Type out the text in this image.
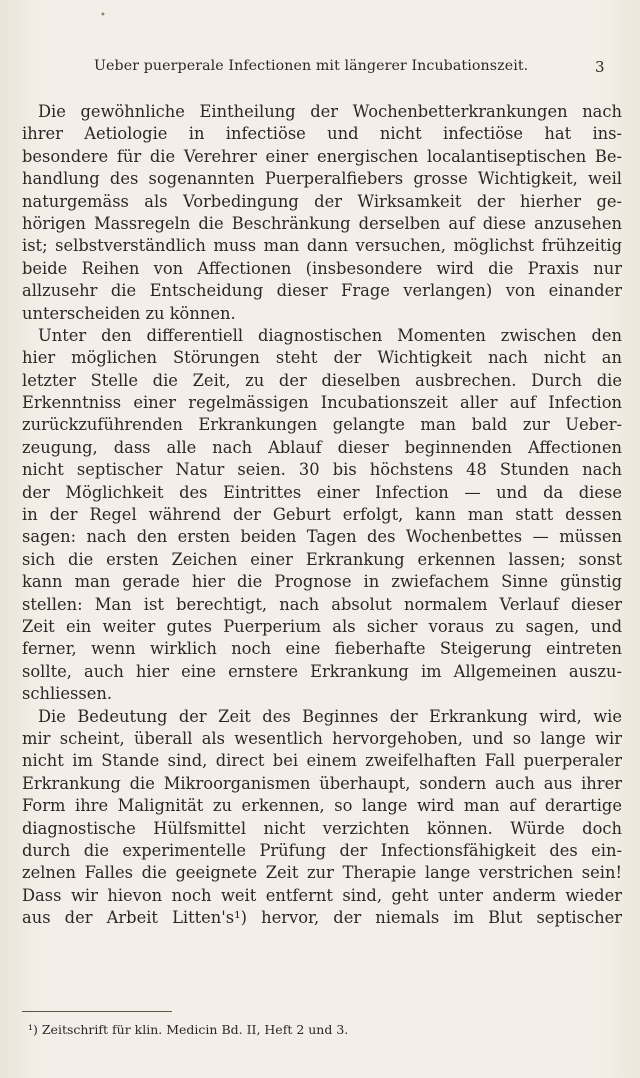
•
Ueber puerperale Infectionen mit längerer Incubationszeit.	3
Die gewöhnliche Eintheilung der Wochenbetterkrankungen nach
ihrer Aetiologie in infectiöse und nicht infectiöse hat ins-
besondere für die Verehrer einer energischen localantiseptischen Be-
handlung des sogenannten Puerperalfiebers grosse Wichtigkeit, weil
naturgemäss als Vorbedingung der Wirksamkeit der hierher ge-
hörigen Massregeln die Beschränkung derselben auf diese anzusehen
ist; selbstverständlich muss man dann versuchen, möglichst frühzeitig
beide Reihen von Affectionen (insbesondere wird die Praxis nur
allzusehr die Entscheidung dieser Frage verlangen) von einander
unterscheiden zu können.
Unter den differentiell diagnostischen Momenten zwischen den
hier möglichen Störungen steht der Wichtigkeit nach nicht an
letzter Stelle die Zeit, zu der dieselben ausbrechen. Durch die
Erkenntniss einer regelmässigen Incubationszeit aller auf Infection
zurückzuführenden Erkrankungen gelangte man bald zur Ueber-
zeugung, dass alle nach Ablauf dieser beginnenden Affectionen
nicht septischer Natur seien. 30 bis höchstens 48 Stunden nach
der Möglichkeit des Eintrittes einer Infection — und da diese
in der Regel während der Geburt erfolgt, kann man statt dessen
sagen: nach den ersten beiden Tagen des Wochenbettes — müssen
sich die ersten Zeichen einer Erkrankung erkennen lassen; sonst
kann man gerade hier die Prognose in zwiefachem Sinne günstig
stellen: Man ist berechtigt, nach absolut normalem Verlauf dieser
Zeit ein weiter gutes Puerperium als sicher voraus zu sagen, und
ferner, wenn wirklich noch eine fieberhafte Steigerung eintreten
sollte, auch hier eine ernstere Erkrankung im Allgemeinen auszu-
schliessen.
Die Bedeutung der Zeit des Beginnes der Erkrankung wird, wie
mir scheint, überall als wesentlich hervorgehoben, und so lange wir
nicht im Stande sind, direct bei einem zweifelhaften Fall puerperaler
Erkrankung die Mikroorganismen überhaupt, sondern auch aus ihrer
Form ihre Malignität zu erkennen, so lange wird man auf derartige
diagnostische Hülfsmittel nicht verzichten können. Würde doch
durch die experimentelle Prüfung der Infectionsfähigkeit des ein-
zelnen Falles die geeignete Zeit zur Therapie lange verstrichen sein!
Dass wir hievon noch weit entfernt sind, geht unter anderm wieder
aus der Arbeit Litten's¹) hervor, der niemals im Blut septischer
¹) Zeitschrift für klin. Medicin Bd. II, Heft 2 und 3.
